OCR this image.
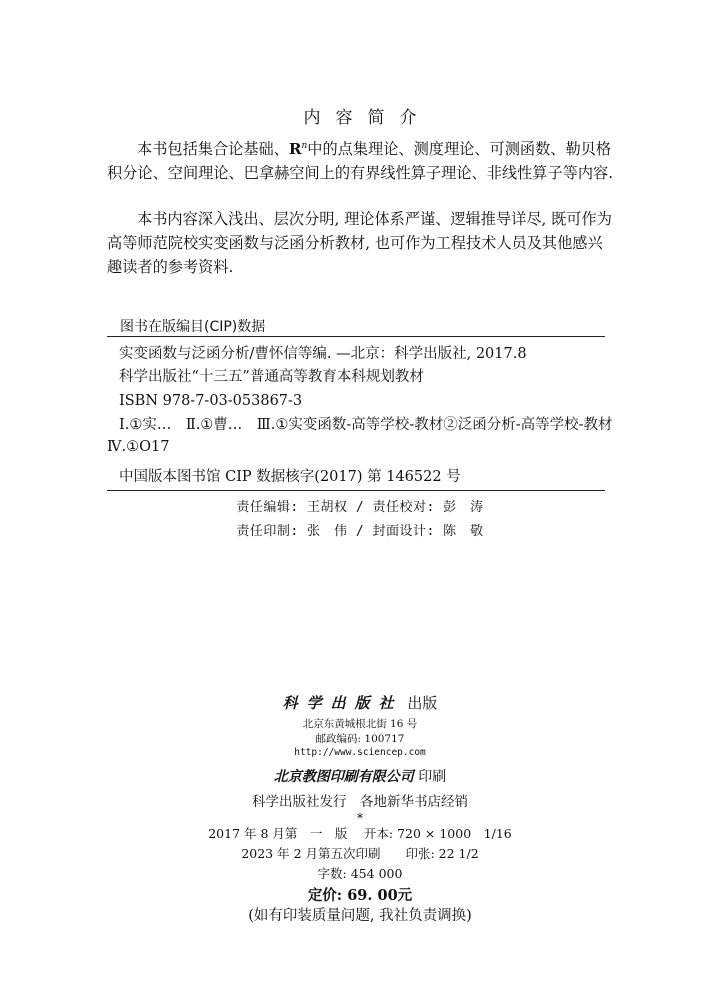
内容简介
本书包括集合论基础、$R^n$中的点集理论、测度理论、可测函数、勒贝格积分论、空间理论、巴拿赫空间上的有界线性算子理论、非线性算子等内容.
本书内容深入浅出、层次分明, 理论体系严谨、逻辑推导详尽, 既可作为高等师范院校实变函数与泛函分析教材, 也可作为工程技术人员及其他感兴趣读者的参考资料.
图书在版编目(CIP)数据
实变函数与泛函分析/曹怀信等编. —北京：科学出版社, 2017.8
科学出版社“十三五”普通高等教育本科规划教材
ISBN 978-7-03-053867-3
Ⅰ.①实…　Ⅱ.①曹…　Ⅲ.①实变函数-高等学校-教材②泛函分析-高等学校-教材　Ⅳ.①O17
中国版本图书馆 CIP 数据核字(2017) 第 146522 号
责任编辑: 王胡权 / 责任校对: 彭　涛
责任印制: 张　伟 / 封面设计: 陈　敬
科学出版社 出版
北京东黄城根北街 16 号
邮政编码: 100717
http://www.sciencep.com
北京教图印刷有限公司 印刷
科学出版社发行　各地新华书店经销
*
2017 年 8 月第　一　版　 开本: 720 × 1000　1/16
2023 年 2 月第五次印刷　　印张: 22 1/2
字数: 454 000
定价: 69. 00元
(如有印装质量问题, 我社负责调换)
